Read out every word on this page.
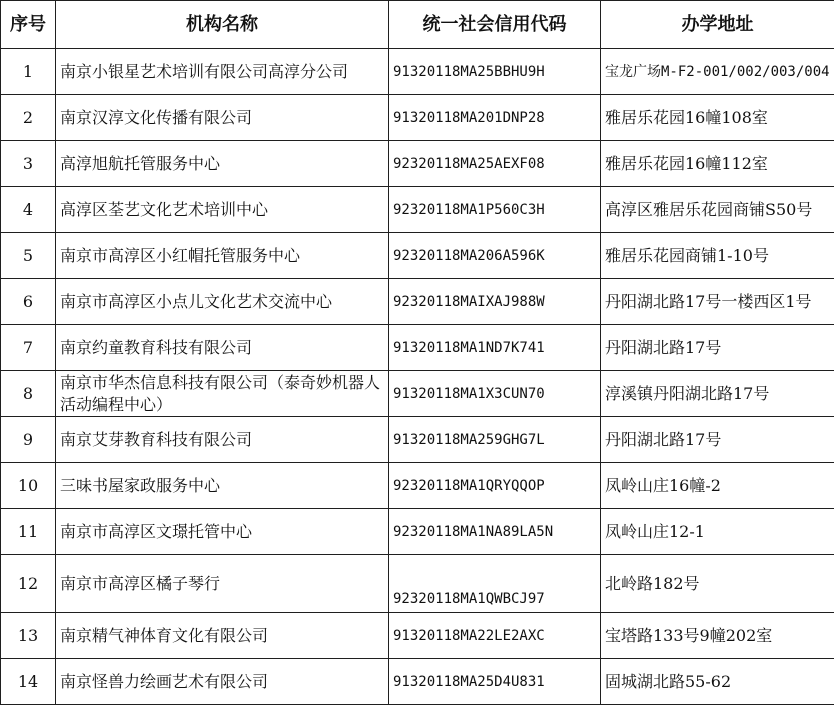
序号	机构名称	统一社会信用代码	办学地址
1	南京小银星艺术培训有限公司高淳分公司	91320118MA25BBHU9H	宝龙广场M-F2-001/002/003/004
2	南京汉淳文化传播有限公司	91320118MA201DNP28	雅居乐花园16幢108室
3	高淳旭航托管服务中心	92320118MA25AEXF08	雅居乐花园16幢112室
4	高淳区荃艺文化艺术培训中心	92320118MA1P560C3H	高淳区雅居乐花园商铺S50号
5	南京市高淳区小红帽托管服务中心	92320118MA206A596K	雅居乐花园商铺1-10号
6	南京市高淳区小点儿文化艺术交流中心	92320118MAIXAJ988W	丹阳湖北路17号一楼西区1号
7	南京约童教育科技有限公司	91320118MA1ND7K741	丹阳湖北路17号
8	南京市华杰信息科技有限公司（泰奇妙机器人活动编程中心）	91320118MA1X3CUN70	淳溪镇丹阳湖北路17号
9	南京艾芽教育科技有限公司	91320118MA259GHG7L	丹阳湖北路17号
10	三味书屋家政服务中心	92320118MA1QRYQQOP	凤岭山庄16幢-2
11	南京市高淳区文璟托管中心	92320118MA1NA89LA5N	凤岭山庄12-1
12	南京市高淳区橘子琴行	92320118MA1QWBCJ97	北岭路182号
13	南京精气神体育文化有限公司	91320118MA22LE2AXC	宝塔路133号9幢202室
14	南京怪兽力绘画艺术有限公司	91320118MA25D4U831	固城湖北路55-62
